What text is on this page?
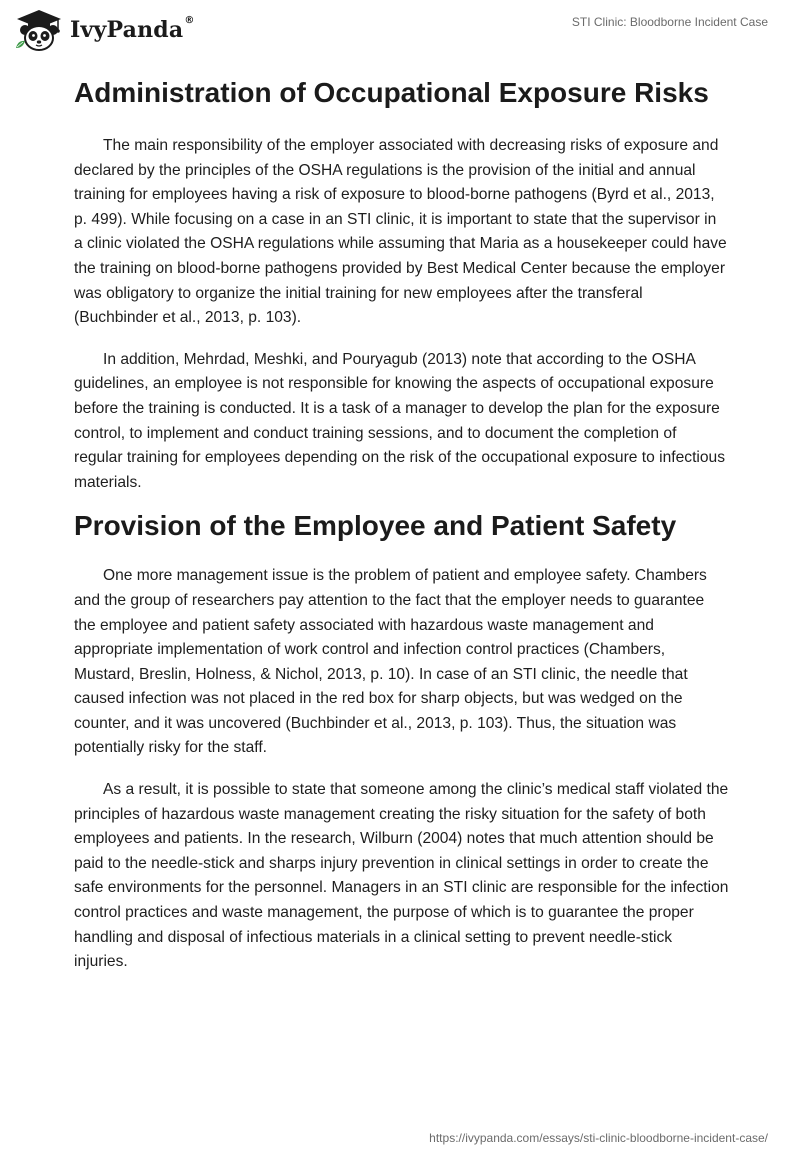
IvyPanda®	STI Clinic: Bloodborne Incident Case
Administration of Occupational Exposure Risks

The main responsibility of the employer associated with decreasing risks of exposure and declared by the principles of the OSHA regulations is the provision of the initial and annual training for employees having a risk of exposure to blood-borne pathogens (Byrd et al., 2013, p. 499). While focusing on a case in an STI clinic, it is important to state that the supervisor in a clinic violated the OSHA regulations while assuming that Maria as a housekeeper could have the training on blood-borne pathogens provided by Best Medical Center because the employer was obligatory to organize the initial training for new employees after the transferal (Buchbinder et al., 2013, p. 103).

In addition, Mehrdad, Meshki, and Pouryagub (2013) note that according to the OSHA guidelines, an employee is not responsible for knowing the aspects of occupational exposure before the training is conducted. It is a task of a manager to develop the plan for the exposure control, to implement and conduct training sessions, and to document the completion of regular training for employees depending on the risk of the occupational exposure to infectious materials.

Provision of the Employee and Patient Safety

One more management issue is the problem of patient and employee safety. Chambers and the group of researchers pay attention to the fact that the employer needs to guarantee the employee and patient safety associated with hazardous waste management and appropriate implementation of work control and infection control practices (Chambers, Mustard, Breslin, Holness, & Nichol, 2013, p. 10). In case of an STI clinic, the needle that caused infection was not placed in the red box for sharp objects, but was wedged on the counter, and it was uncovered (Buchbinder et al., 2013, p. 103). Thus, the situation was potentially risky for the staff.

As a result, it is possible to state that someone among the clinic’s medical staff violated the principles of hazardous waste management creating the risky situation for the safety of both employees and patients. In the research, Wilburn (2004) notes that much attention should be paid to the needle-stick and sharps injury prevention in clinical settings in order to create the safe environments for the personnel. Managers in an STI clinic are responsible for the infection control practices and waste management, the purpose of which is to guarantee the proper handling and disposal of infectious materials in a clinical setting to prevent needle-stick injuries.

https://ivypanda.com/essays/sti-clinic-bloodborne-incident-case/
